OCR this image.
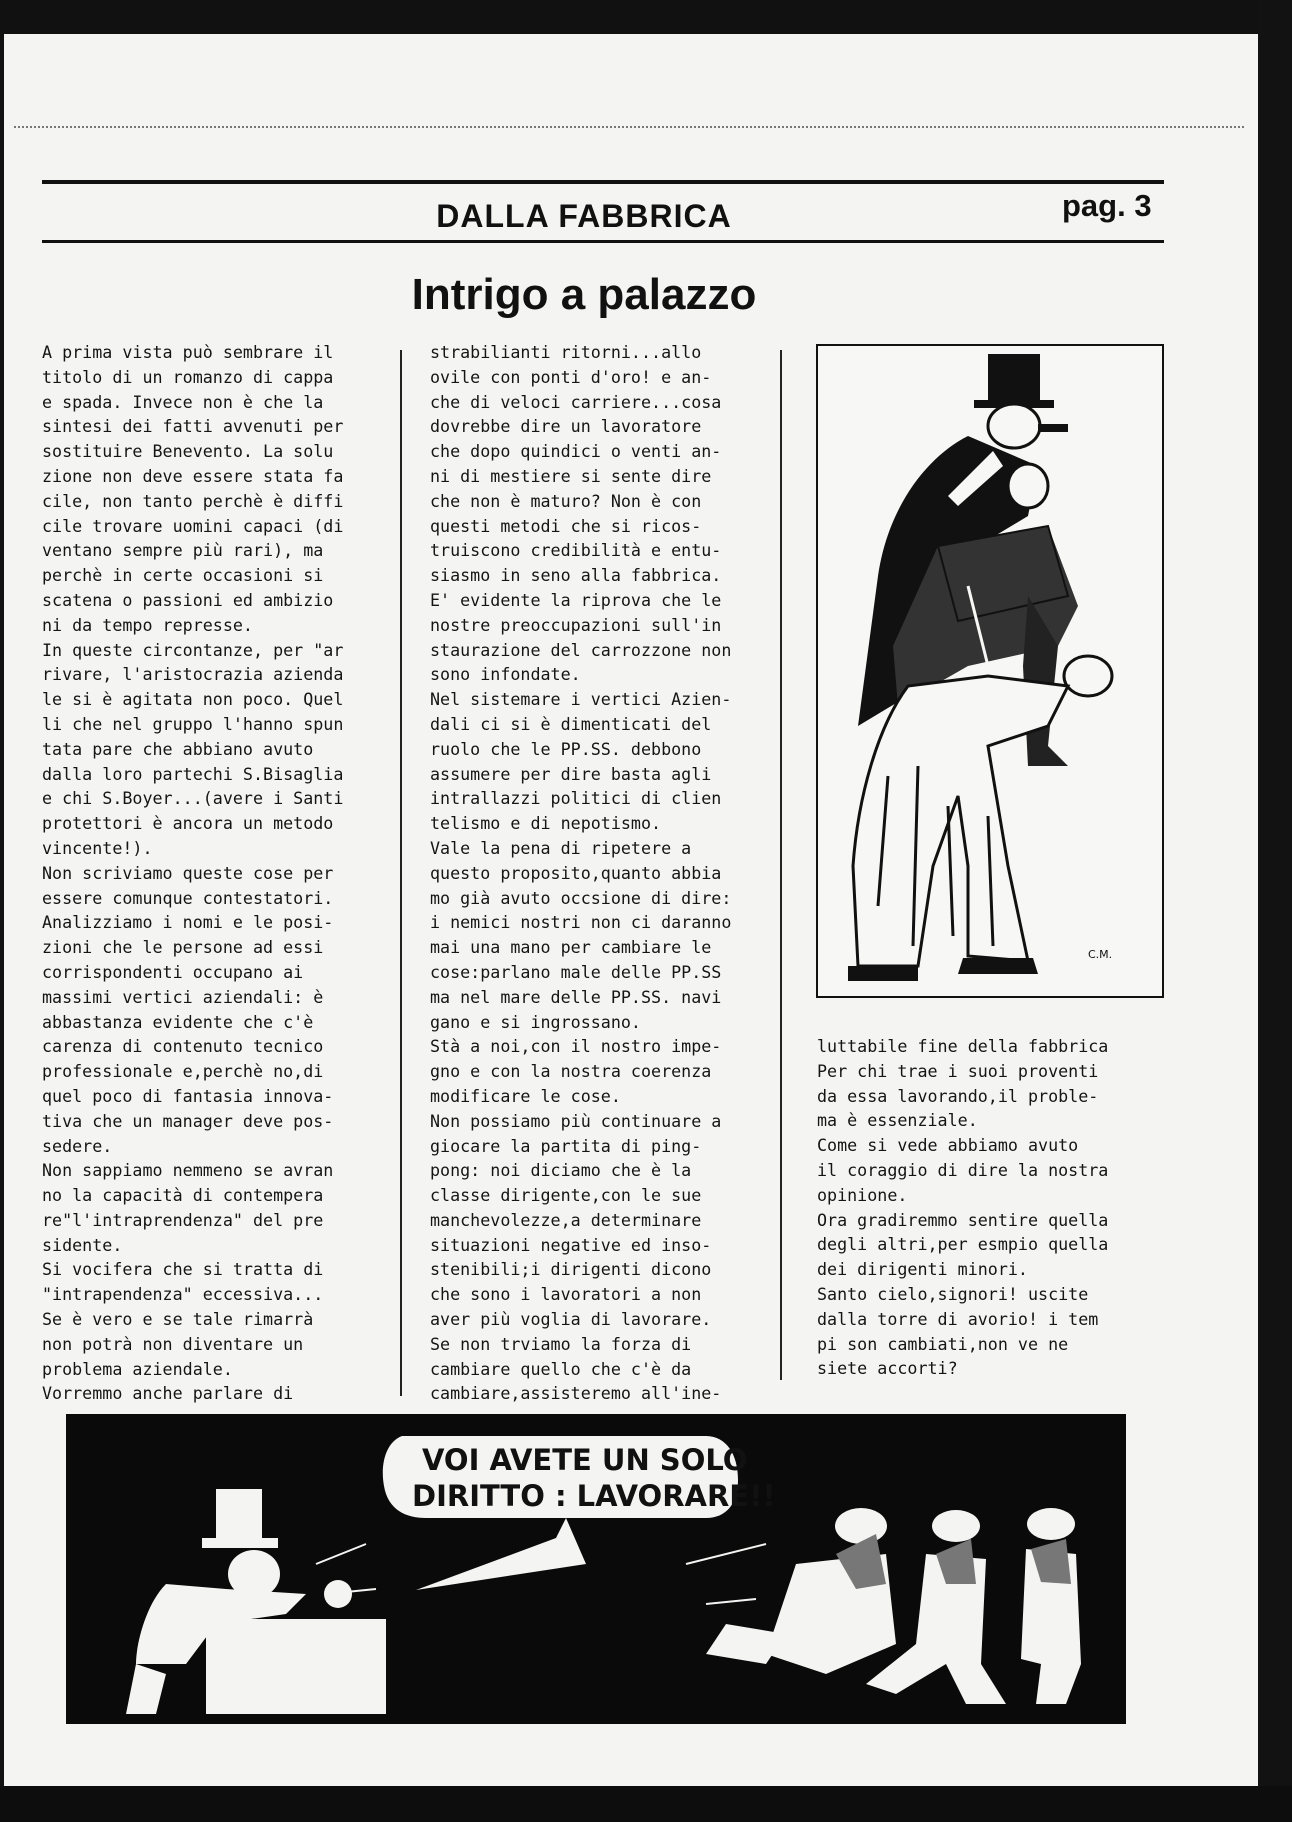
DALLA FABBRICA	pag. 3
Intrigo a palazzo
A prima vista può sembrare il
titolo di un romanzo di cappa
e spada. Invece non è che la
sintesi dei fatti avvenuti per
sostituire Benevento. La solu
zione non deve essere stata fa
cile, non tanto perchè è diffi
cile trovare uomini capaci (di
ventano sempre più rari), ma
perchè in certe occasioni si
scatena o passioni ed ambizio
ni da tempo represse.
In queste circontanze, per "ar
rivare, l'aristocrazia azienda
le si è agitata non poco. Quel
li che nel gruppo l'hanno spun
tata pare che abbiano avuto
dalla loro partechi S.Bisaglia
e chi S.Boyer...(avere i Santi
protettori è ancora un metodo
vincente!).
Non scriviamo queste cose per
essere comunque contestatori.
Analizziamo i nomi e le posi-
zioni che le persone ad essi
corrispondenti occupano ai
massimi vertici aziendali: è
abbastanza evidente che c'è
carenza di contenuto tecnico
professionale e,perchè no,di
quel poco di fantasia innova-
tiva che un manager deve pos-
sedere.
Non sappiamo nemmeno se avran
no la capacità di contempera
re"l'intraprendenza" del pre
sidente.
Si vocifera che si tratta di
"intrapendenza" eccessiva...
Se è vero e se tale rimarrà
non potrà non diventare un
problema aziendale.
Vorremmo anche parlare di
strabilianti ritorni...allo
ovile con ponti d'oro! e an-
che di veloci carriere...cosa
dovrebbe dire un lavoratore
che dopo quindici o venti an-
ni di mestiere si sente dire
che non è maturo? Non è con
questi metodi che si ricos-
truiscono credibilità e entu-
siasmo in seno alla fabbrica.
E' evidente la riprova che le
nostre preoccupazioni sull'in
staurazione del carrozzone non
sono infondate.
Nel sistemare i vertici Azien-
dali ci si è dimenticati del
ruolo che le PP.SS. debbono
assumere per dire basta agli
intrallazzi politici di clien
telismo e di nepotismo.
Vale la pena di ripetere a
questo proposito,quanto abbia
mo già avuto occsione di dire:
i nemici nostri non ci daranno
mai una mano per cambiare le
cose:parlano male delle PP.SS
ma nel mare delle PP.SS. navi
gano e si ingrossano.
Stà a noi,con il nostro impe-
gno e con la nostra coerenza
modificare le cose.
Non possiamo più continuare a
giocare la partita di ping-
pong: noi diciamo che è la
classe dirigente,con le sue
manchevolezze,a determinare
situazioni negative ed inso-
stenibili;i dirigenti dicono
che sono i lavoratori a non
aver più voglia di lavorare.
Se non trviamo la forza di
cambiare quello che c'è da
cambiare,assisteremo all'ine-
C.M.
luttabile fine della fabbrica
Per chi trae i suoi proventi
da essa lavorando,il proble-
ma è essenziale.
Come si vede abbiamo avuto
il coraggio di dire la nostra
opinione.
Ora gradiremmo sentire quella
degli altri,per esmpio quella
dei dirigenti minori.
Santo cielo,signori! uscite
dalla torre di avorio! i tem
pi son cambiati,non ve ne
siete accorti?
VOI AVETE UN SOLO
DIRITTO : LAVORARE!!
